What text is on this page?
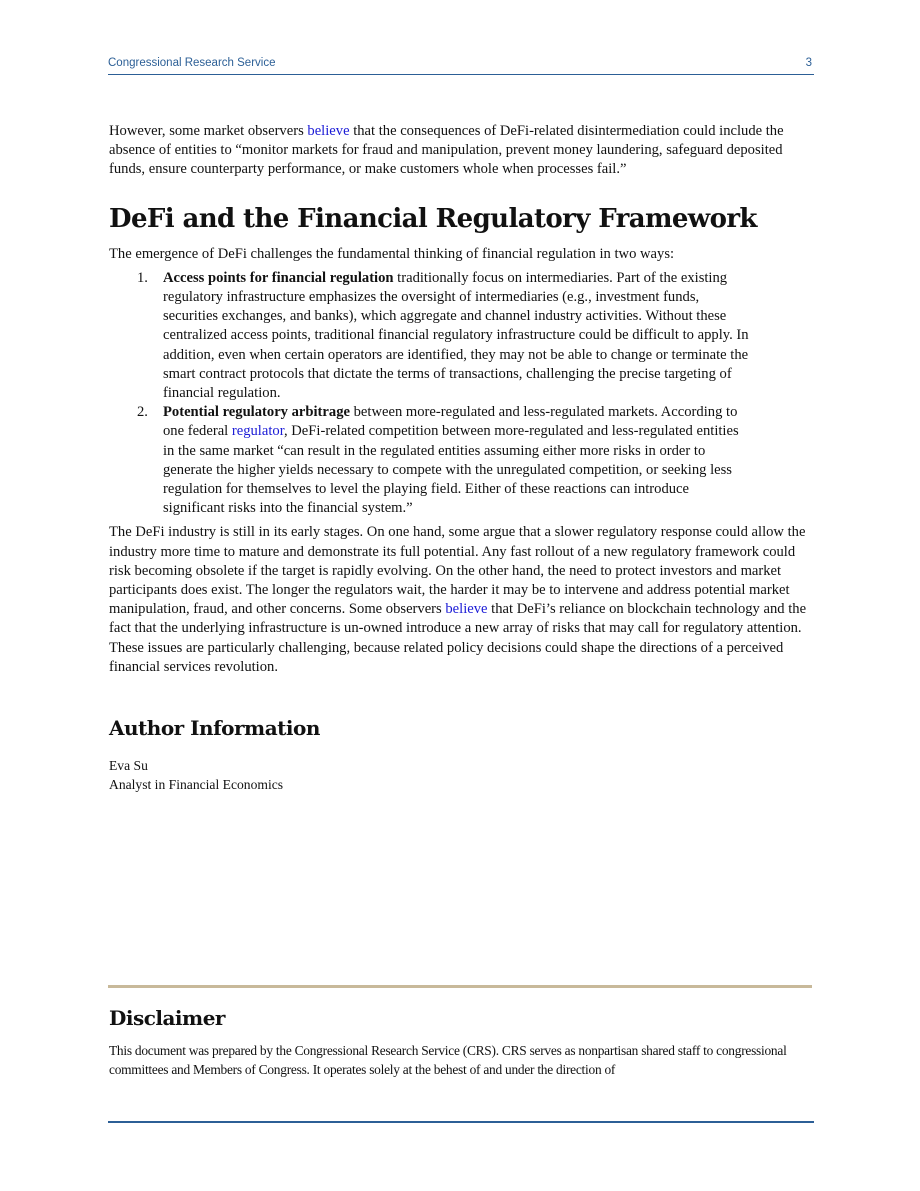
Congressional Research Service	3

However, some market observers believe that the consequences of DeFi-related disintermediation could include the absence of entities to “monitor markets for fraud and manipulation, prevent money laundering, safeguard deposited funds, ensure counterparty performance, or make customers whole when processes fail.”

DeFi and the Financial Regulatory Framework

The emergence of DeFi challenges the fundamental thinking of financial regulation in two ways:

1. Access points for financial regulation traditionally focus on intermediaries. Part of the existing regulatory infrastructure emphasizes the oversight of intermediaries (e.g., investment funds, securities exchanges, and banks), which aggregate and channel industry activities. Without these centralized access points, traditional financial regulatory infrastructure could be difficult to apply. In addition, even when certain operators are identified, they may not be able to change or terminate the smart contract protocols that dictate the terms of transactions, challenging the precise targeting of financial regulation.
2. Potential regulatory arbitrage between more-regulated and less-regulated markets. According to one federal regulator, DeFi-related competition between more-regulated and less-regulated entities in the same market “can result in the regulated entities assuming either more risks in order to generate the higher yields necessary to compete with the unregulated competition, or seeking less regulation for themselves to level the playing field. Either of these reactions can introduce significant risks into the financial system.”

The DeFi industry is still in its early stages. On one hand, some argue that a slower regulatory response could allow the industry more time to mature and demonstrate its full potential. Any fast rollout of a new regulatory framework could risk becoming obsolete if the target is rapidly evolving. On the other hand, the need to protect investors and market participants does exist. The longer the regulators wait, the harder it may be to intervene and address potential market manipulation, fraud, and other concerns. Some observers believe that DeFi’s reliance on blockchain technology and the fact that the underlying infrastructure is un-owned introduce a new array of risks that may call for regulatory attention. These issues are particularly challenging, because related policy decisions could shape the directions of a perceived financial services revolution.

Author Information
Eva Su
Analyst in Financial Economics
Disclaimer

This document was prepared by the Congressional Research Service (CRS). CRS serves as nonpartisan shared staff to congressional committees and Members of Congress. It operates solely at the behest of and under the direction of
